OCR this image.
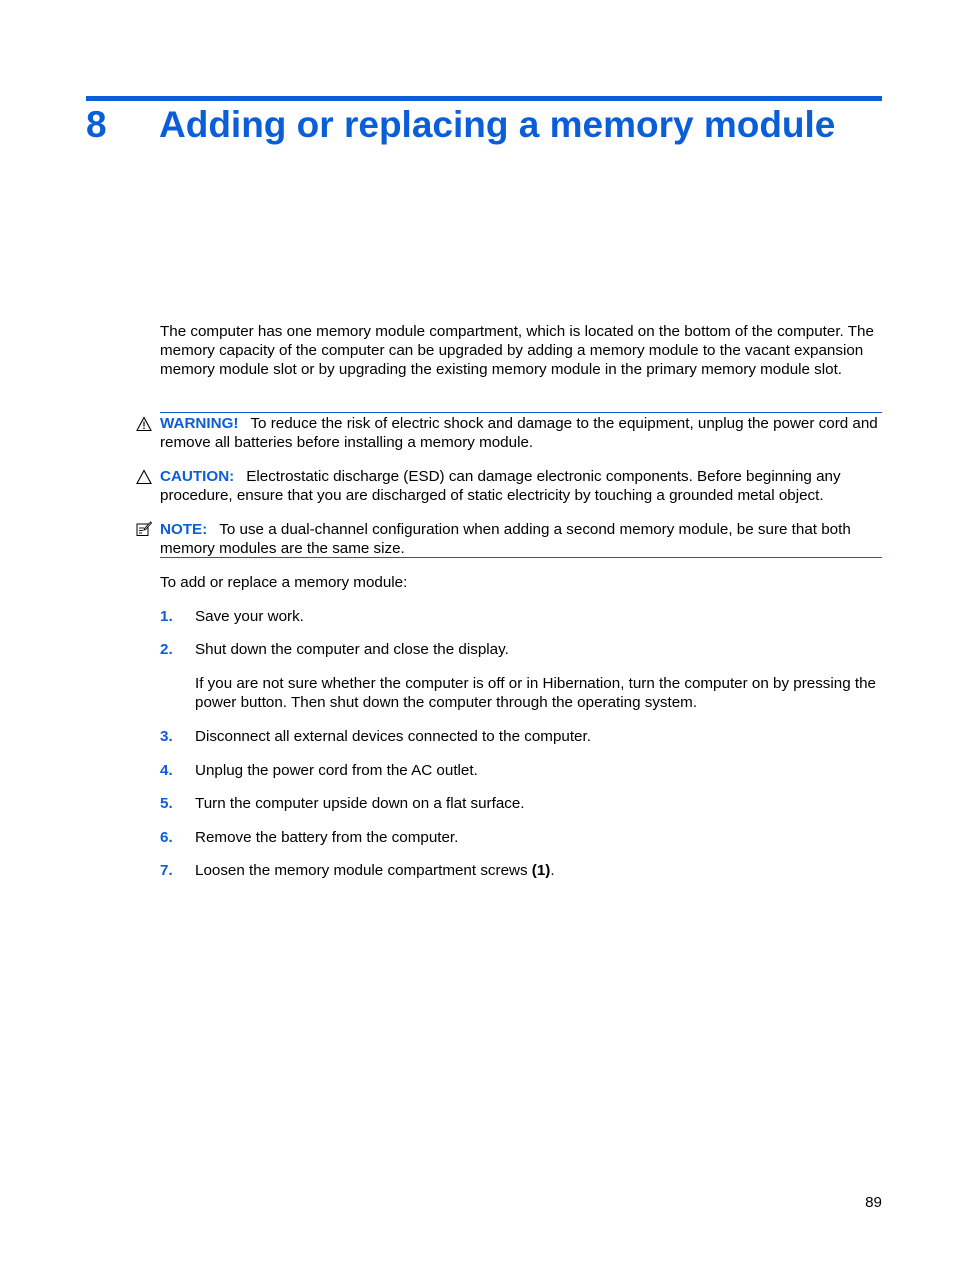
8 Adding or replacing a memory module

The computer has one memory module compartment, which is located on the bottom of the computer. The memory capacity of the computer can be upgraded by adding a memory module to the vacant expansion memory module slot or by upgrading the existing memory module in the primary memory module slot.

WARNING! To reduce the risk of electric shock and damage to the equipment, unplug the power cord and remove all batteries before installing a memory module.
CAUTION: Electrostatic discharge (ESD) can damage electronic components. Before beginning any procedure, ensure that you are discharged of static electricity by touching a grounded metal object.
NOTE: To use a dual-channel configuration when adding a second memory module, be sure that both memory modules are the same size.

To add or replace a memory module:

1. Save your work.
2. Shut down the computer and close the display.
If you are not sure whether the computer is off or in Hibernation, turn the computer on by pressing the power button. Then shut down the computer through the operating system.
3. Disconnect all external devices connected to the computer.
4. Unplug the power cord from the AC outlet.
5. Turn the computer upside down on a flat surface.
6. Remove the battery from the computer.
7. Loosen the memory module compartment screws (1).
89
